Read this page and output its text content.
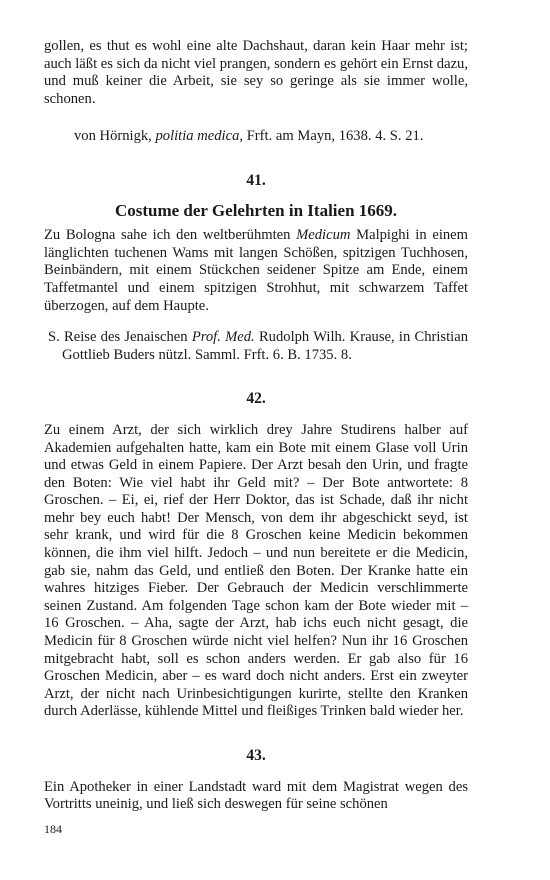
gollen, es thut es wohl eine alte Dachshaut, daran kein Haar mehr ist; auch läßt es sich da nicht viel prangen, sondern es gehört ein Ernst dazu, und muß keiner die Arbeit, sie sey so geringe als sie immer wolle, schonen.

von Hörnigk, politia medica, Frft. am Mayn, 1638. 4. S. 21.

41.
Costume der Gelehrten in Italien 1669.

Zu Bologna sahe ich den weltberühmten Medicum Malpighi in einem länglichten tuchenen Wams mit langen Schößen, spitzigen Tuchhosen, Beinbändern, mit einem Stückchen seidener Spitze am Ende, einem Taffetmantel und einem spitzigen Strohhut, mit schwarzem Taffet überzogen, auf dem Haupte.

S. Reise des Jenaischen Prof. Med. Rudolph Wilh. Krause, in Christian Gottlieb Buders nützl. Samml. Frft. 6. B. 1735. 8.

42.

Zu einem Arzt, der sich wirklich drey Jahre Studirens halber auf Akademien aufgehalten hatte, kam ein Bote mit einem Glase voll Urin und etwas Geld in einem Papiere. Der Arzt besah den Urin, und fragte den Boten: Wie viel habt ihr Geld mit? – Der Bote antwortete: 8 Groschen. – Ei, ei, rief der Herr Doktor, das ist Schade, daß ihr nicht mehr bey euch habt! Der Mensch, von dem ihr abgeschickt seyd, ist sehr krank, und wird für die 8 Groschen keine Medicin bekommen können, die ihm viel hilft. Jedoch – und nun bereitete er die Medicin, gab sie, nahm das Geld, und entließ den Boten. Der Kranke hatte ein wahres hitziges Fieber. Der Gebrauch der Medicin verschlimmerte seinen Zustand. Am folgenden Tage schon kam der Bote wieder mit – 16 Groschen. – Aha, sagte der Arzt, hab ichs euch nicht gesagt, die Medicin für 8 Groschen würde nicht viel helfen? Nun ihr 16 Groschen mitgebracht habt, soll es schon anders werden. Er gab also für 16 Groschen Medicin, aber – es ward doch nicht anders. Erst ein zweyter Arzt, der nicht nach Urinbesichtigungen kurirte, stellte den Kranken durch Aderlässe, kühlende Mittel und fleißiges Trinken bald wieder her.

43.

Ein Apotheker in einer Landstadt ward mit dem Magistrat wegen des Vortritts uneinig, und ließ sich deswegen für seine schönen

184
